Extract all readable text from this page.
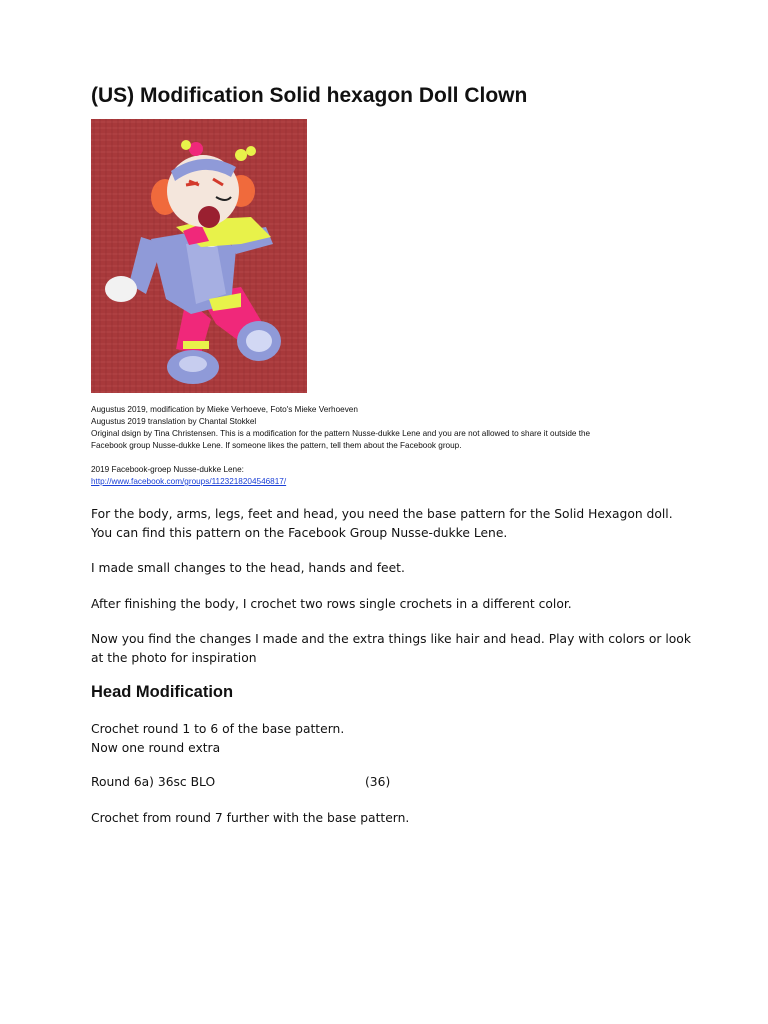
(US) Modification Solid hexagon Doll Clown

Augustus 2019, modification by Mieke Verhoeve, Foto's Mieke Verhoeven

Augustus 2019 translation by Chantal Stokkel

Original dsign by Tina Christensen. This is a modification for the pattern Nusse-dukke Lene and you are not allowed to share it outside the

Facebook group Nusse-dukke Lene. If someone likes the pattern, tell them about the Facebook group.

2019 Facebook-groep Nusse-dukke Lene:

http://www.facebook.com/groups/1123218204546817/

For the body, arms, legs, feet and head, you need the base pattern for the Solid Hexagon doll. You can find this pattern on the Facebook Group Nusse-dukke Lene.

I made small changes to the head, hands and feet.

After finishing the body, I crochet two rows single crochets in a different color.

Now you find the changes I made and the extra things like hair and head. Play with colors or look at the photo for inspiration

Head Modification

Crochet round 1 to 6 of the base pattern.

Now one round extra

Round 6a) 36sc BLO	(36)

Crochet from round 7 further with the base pattern.
